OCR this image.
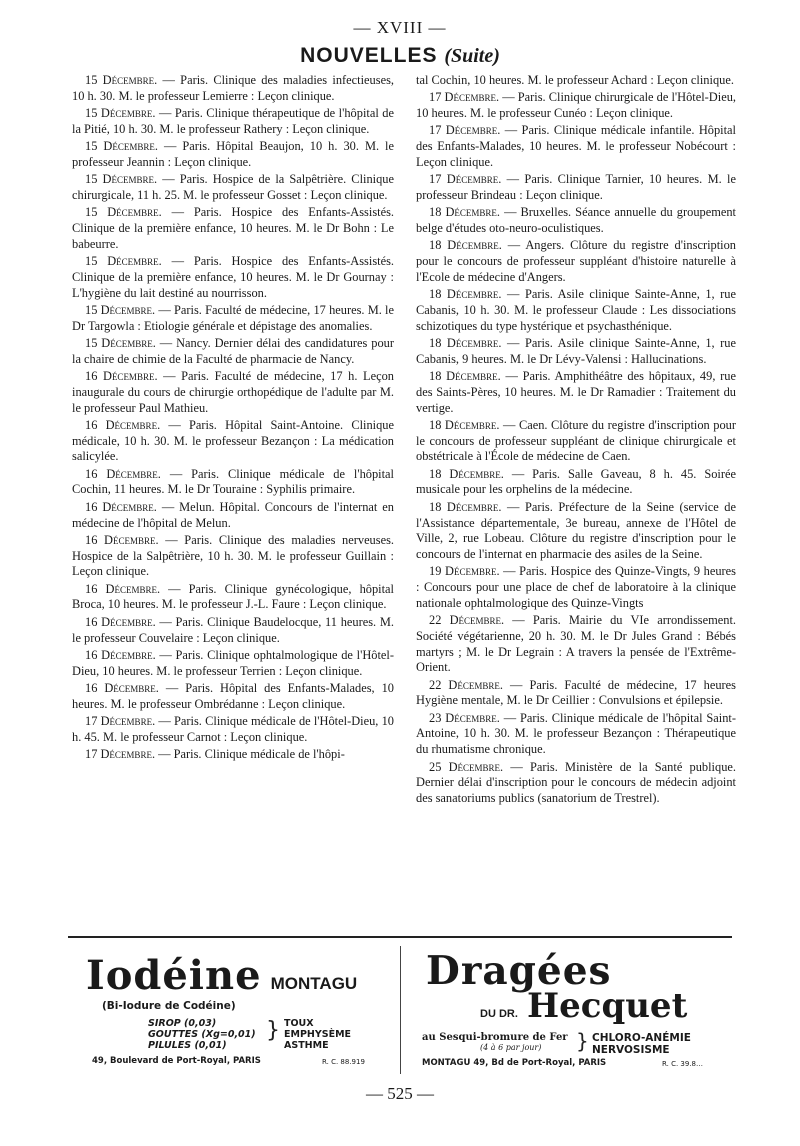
— XVIII —
NOUVELLES (Suite)

15 Décembre. — Paris. Clinique des maladies infectieuses, 10 h. 30. M. le professeur Lemierre : Leçon clinique.

15 Décembre. — Paris. Clinique thérapeutique de l'hôpital de la Pitié, 10 h. 30. M. le professeur Rathery : Leçon clinique.

15 Décembre. — Paris. Hôpital Beaujon, 10 h. 30. M. le professeur Jeannin : Leçon clinique.

15 Décembre. — Paris. Hospice de la Salpêtrière. Clinique chirurgicale, 11 h. 25. M. le professeur Gosset : Leçon clinique.

15 Décembre. — Paris. Hospice des Enfants-Assistés. Clinique de la première enfance, 10 heures. M. le Dr Bohn : Le babeurre.

15 Décembre. — Paris. Hospice des Enfants-Assistés. Clinique de la première enfance, 10 heures. M. le Dr Gournay : L'hygiène du lait destiné au nourrisson.

15 Décembre. — Paris. Faculté de médecine, 17 heures. M. le Dr Targowla : Etiologie générale et dépistage des anomalies.

15 Décembre. — Nancy. Dernier délai des candidatures pour la chaire de chimie de la Faculté de pharmacie de Nancy.

16 Décembre. — Paris. Faculté de médecine, 17 h. Leçon inaugurale du cours de chirurgie orthopédique de l'adulte par M. le professeur Paul Mathieu.

16 Décembre. — Paris. Hôpital Saint-Antoine. Clinique médicale, 10 h. 30. M. le professeur Bezançon : La médication salicylée.

16 Décembre. — Paris. Clinique médicale de l'hôpital Cochin, 11 heures. M. le Dr Touraine : Syphilis primaire.

16 Décembre. — Melun. Hôpital. Concours de l'internat en médecine de l'hôpital de Melun.

16 Décembre. — Paris. Clinique des maladies nerveuses. Hospice de la Salpêtrière, 10 h. 30. M. le professeur Guillain : Leçon clinique.

16 Décembre. — Paris. Clinique gynécologique, hôpital Broca, 10 heures. M. le professeur J.-L. Faure : Leçon clinique.

16 Décembre. — Paris. Clinique Baudelocque, 11 heures. M. le professeur Couvelaire : Leçon clinique.

16 Décembre. — Paris. Clinique ophtalmologique de l'Hôtel-Dieu, 10 heures. M. le professeur Terrien : Leçon clinique.

16 Décembre. — Paris. Hôpital des Enfants-Malades, 10 heures. M. le professeur Ombrédanne : Leçon clinique.

17 Décembre. — Paris. Clinique médicale de l'Hôtel-Dieu, 10 h. 45. M. le professeur Carnot : Leçon clinique.

17 Décembre. — Paris. Clinique médicale de l'hôpi-

tal Cochin, 10 heures. M. le professeur Achard : Leçon clinique.

17 Décembre. — Paris. Clinique chirurgicale de l'Hôtel-Dieu, 10 heures. M. le professeur Cunéo : Leçon clinique.

17 Décembre. — Paris. Clinique médicale infantile. Hôpital des Enfants-Malades, 10 heures. M. le professeur Nobécourt : Leçon clinique.

17 Décembre. — Paris. Clinique Tarnier, 10 heures. M. le professeur Brindeau : Leçon clinique.

18 Décembre. — Bruxelles. Séance annuelle du groupement belge d'études oto-neuro-oculistiques.

18 Décembre. — Angers. Clôture du registre d'inscription pour le concours de professeur suppléant d'histoire naturelle à l'Ecole de médecine d'Angers.

18 Décembre. — Paris. Asile clinique Sainte-Anne, 1, rue Cabanis, 10 h. 30. M. le professeur Claude : Les dissociations schizotiques du type hystérique et psychasthénique.

18 Décembre. — Paris. Asile clinique Sainte-Anne, 1, rue Cabanis, 9 heures. M. le Dr Lévy-Valensi : Hallucinations.

18 Décembre. — Paris. Amphithéâtre des hôpitaux, 49, rue des Saints-Pères, 10 heures. M. le Dr Ramadier : Traitement du vertige.

18 Décembre. — Caen. Clôture du registre d'inscription pour le concours de professeur suppléant de clinique chirurgicale et obstétricale à l'École de médecine de Caen.

18 Décembre. — Paris. Salle Gaveau, 8 h. 45. Soirée musicale pour les orphelins de la médecine.

18 Décembre. — Paris. Préfecture de la Seine (service de l'Assistance départementale, 3e bureau, annexe de l'Hôtel de Ville, 2, rue Lobeau. Clôture du registre d'inscription pour le concours de l'internat en pharmacie des asiles de la Seine.

19 Décembre. — Paris. Hospice des Quinze-Vingts, 9 heures : Concours pour une place de chef de laboratoire à la clinique nationale ophtalmologique des Quinze-Vingts

22 Décembre. — Paris. Mairie du VIe arrondissement. Société végétarienne, 20 h. 30. M. le Dr Jules Grand : Bébés martyrs ; M. le Dr Legrain : A travers la pensée de l'Extrême-Orient.

22 Décembre. — Paris. Faculté de médecine, 17 heures Hygiène mentale, M. le Dr Ceillier : Convulsions et épilepsie.

23 Décembre. — Paris. Clinique médicale de l'hôpital Saint-Antoine, 10 h. 30. M. le professeur Bezançon : Thérapeutique du rhumatisme chronique.

25 Décembre. — Paris. Ministère de la Santé publique. Dernier délai d'inscription pour le concours de médecin adjoint des sanatoriums publics (sanatorium de Trestrel).

Iodéine MONTAGU
(Bi-Iodure de Codéine)
SIROP (0,03)
GOUTTES (Xg=0,01)
PILULES (0,01)
} TOUX
EMPHYSÈME
ASTHME
49, Boulevard de Port-Royal, PARIS	R. C. 88.919
Dragées
DU DR. Hecquet
au Sesqui-bromure de Fer
(4 à 6 par jour) } CHLORO-ANÉMIE
NERVOSISME
MONTAGU 49, Bd de Port-Royal, PARIS	R. C. 39.8…
— 525 —
